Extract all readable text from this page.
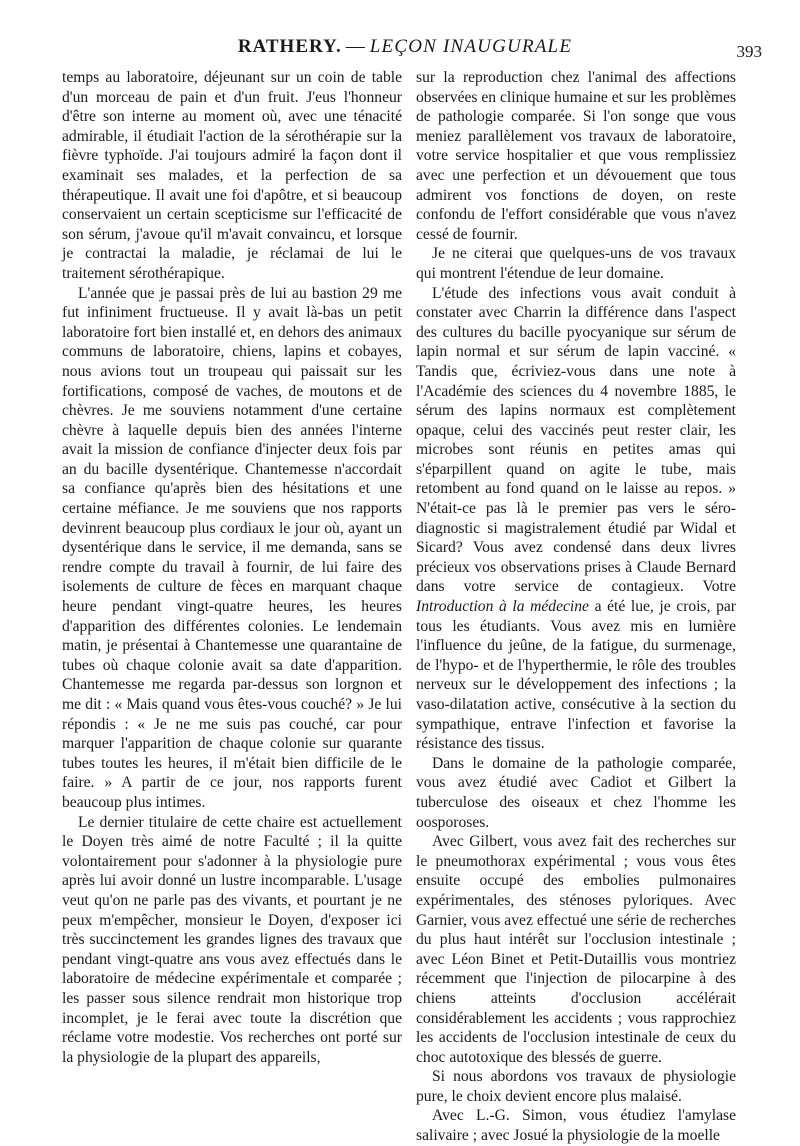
RATHERY. — LEÇON INAUGURALE	393

temps au laboratoire, déjeunant sur un coin de table d'un morceau de pain et d'un fruit. J'eus l'honneur d'être son interne au moment où, avec une ténacité admirable, il étudiait l'action de la sérothérapie sur la fièvre typhoïde. J'ai toujours admiré la façon dont il examinait ses malades, et la perfection de sa thérapeutique. Il avait une foi d'apôtre, et si beaucoup conservaient un certain scepticisme sur l'efficacité de son sérum, j'avoue qu'il m'avait convaincu, et lorsque je contractai la maladie, je réclamai de lui le traitement sérothérapique.

L'année que je passai près de lui au bastion 29 me fut infiniment fructueuse. Il y avait là-bas un petit laboratoire fort bien installé et, en dehors des animaux communs de laboratoire, chiens, lapins et cobayes, nous avions tout un troupeau qui paissait sur les fortifications, composé de vaches, de moutons et de chèvres. Je me souviens notamment d'une certaine chèvre à laquelle depuis bien des années l'interne avait la mission de confiance d'injecter deux fois par an du bacille dysentérique. Chantemesse n'accordait sa confiance qu'après bien des hésitations et une certaine méfiance. Je me souviens que nos rapports devinrent beaucoup plus cordiaux le jour où, ayant un dysentérique dans le service, il me demanda, sans se rendre compte du travail à fournir, de lui faire des isolements de culture de fèces en marquant chaque heure pendant vingt-quatre heures, les heures d'apparition des différentes colonies. Le lendemain matin, je présentai à Chantemesse une quarantaine de tubes où chaque colonie avait sa date d'apparition. Chantemesse me regarda par-dessus son lorgnon et me dit : « Mais quand vous êtes-vous couché? » Je lui répondis : « Je ne me suis pas couché, car pour marquer l'apparition de chaque colonie sur quarante tubes toutes les heures, il m'était bien difficile de le faire. » A partir de ce jour, nos rapports furent beaucoup plus intimes.

Le dernier titulaire de cette chaire est actuellement le Doyen très aimé de notre Faculté ; il la quitte volontairement pour s'adonner à la physiologie pure après lui avoir donné un lustre incomparable. L'usage veut qu'on ne parle pas des vivants, et pourtant je ne peux m'empêcher, monsieur le Doyen, d'exposer ici très succinctement les grandes lignes des travaux que pendant vingt-quatre ans vous avez effectués dans le laboratoire de médecine expérimentale et comparée ; les passer sous silence rendrait mon historique trop incomplet, je le ferai avec toute la discrétion que réclame votre modestie. Vos recherches ont porté sur la physiologie de la plupart des appareils,

sur la reproduction chez l'animal des affections observées en clinique humaine et sur les problèmes de pathologie comparée. Si l'on songe que vous meniez parallèlement vos travaux de laboratoire, votre service hospitalier et que vous remplissiez avec une perfection et un dévouement que tous admirent vos fonctions de doyen, on reste confondu de l'effort considérable que vous n'avez cessé de fournir.

Je ne citerai que quelques-uns de vos travaux qui montrent l'étendue de leur domaine.

L'étude des infections vous avait conduit à constater avec Charrin la différence dans l'aspect des cultures du bacille pyocyanique sur sérum de lapin normal et sur sérum de lapin vacciné. « Tandis que, écriviez-vous dans une note à l'Académie des sciences du 4 novembre 1885, le sérum des lapins normaux est complètement opaque, celui des vaccinés peut rester clair, les microbes sont réunis en petites amas qui s'éparpillent quand on agite le tube, mais retombent au fond quand on le laisse au repos. » N'était-ce pas là le premier pas vers le séro-diagnostic si magistralement étudié par Widal et Sicard? Vous avez condensé dans deux livres précieux vos observations prises à Claude Bernard dans votre service de contagieux. Votre Introduction à la médecine a été lue, je crois, par tous les étudiants. Vous avez mis en lumière l'influence du jeûne, de la fatigue, du surmenage, de l'hypo- et de l'hyperthermie, le rôle des troubles nerveux sur le développement des infections ; la vaso-dilatation active, consécutive à la section du sympathique, entrave l'infection et favorise la résistance des tissus.

Dans le domaine de la pathologie comparée, vous avez étudié avec Cadiot et Gilbert la tuberculose des oiseaux et chez l'homme les oosporoses.

Avec Gilbert, vous avez fait des recherches sur le pneumothorax expérimental ; vous vous êtes ensuite occupé des embolies pulmonaires expérimentales, des sténoses pyloriques. Avec Garnier, vous avez effectué une série de recherches du plus haut intérêt sur l'occlusion intestinale ; avec Léon Binet et Petit-Dutaillis vous montriez récemment que l'injection de pilocarpine à des chiens atteints d'occlusion accélérait considérablement les accidents ; vous rapprochiez les accidents de l'occlusion intestinale de ceux du choc autotoxique des blessés de guerre.

Si nous abordons vos travaux de physiologie pure, le choix devient encore plus malaisé.

Avec L.-G. Simon, vous étudiez l'amylase salivaire ; avec Josué la physiologie de la moelle
